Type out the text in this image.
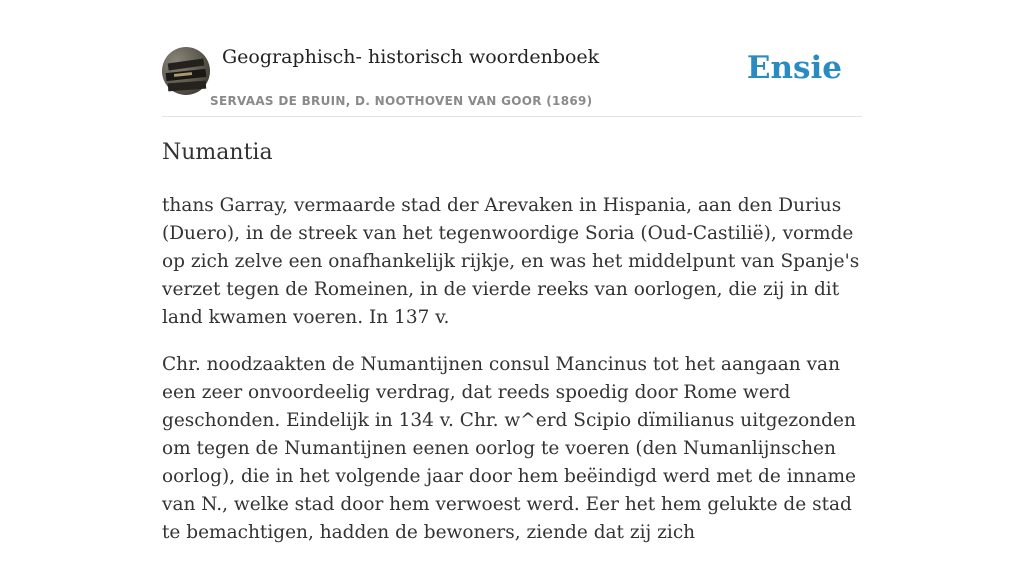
Geographisch- historisch woordenboek
SERVAAS DE BRUIN, D. NOOTHOVEN VAN GOOR (1869)
Ensie
Numantia

thans Garray, vermaarde stad der Arevaken in Hispania, aan den Durius (Duero), in de streek van het tegenwoordige Soria (Oud-Castilië), vormde op zich zelve een onafhankelijk rijkje, en was het middelpunt van Spanje's verzet tegen de Romeinen, in de vierde reeks van oorlogen, die zij in dit land kwamen voeren. In 137 v.

Chr. noodzaakten de Numantijnen consul Mancinus tot het aangaan van een zeer onvoordeelig verdrag, dat reeds spoedig door Rome werd geschonden. Eindelijk in 134 v. Chr. w^erd Scipio dïmilianus uitgezonden om tegen de Numantijnen eenen oorlog te voeren (den Numanlijnschen oorlog), die in het volgende jaar door hem beëindigd werd met de inname van N., welke stad door hem verwoest werd. Eer het hem gelukte de stad te bemachtigen, hadden de bewoners, ziende dat zij zich
